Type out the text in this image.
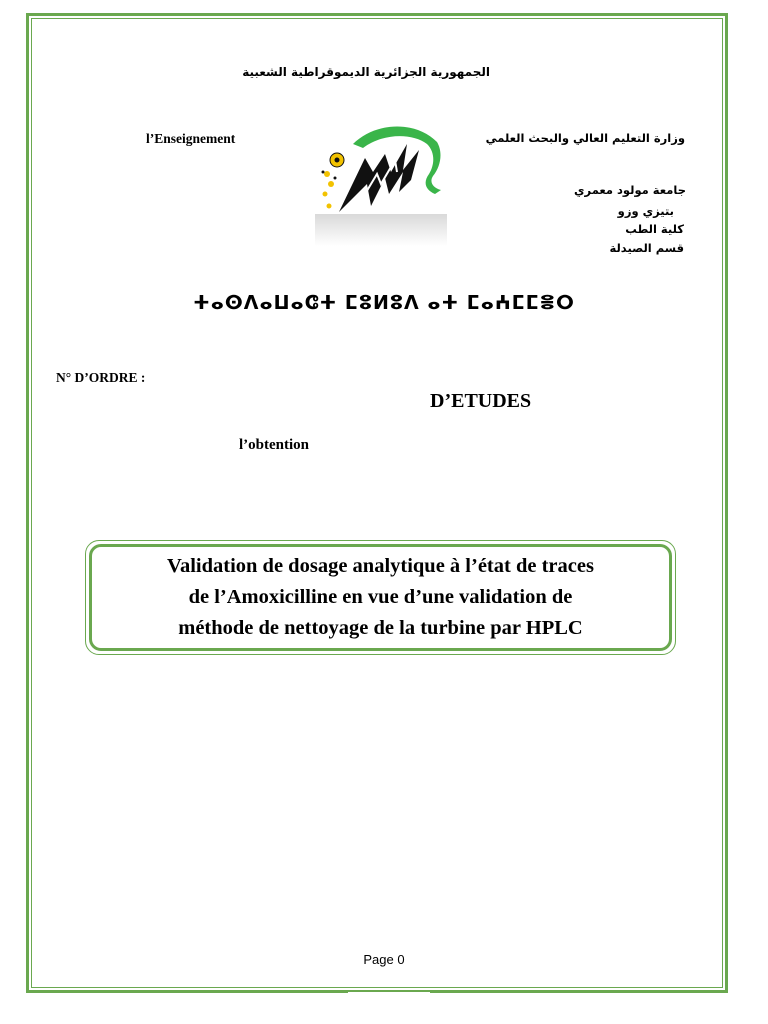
الجمهورية الجزائرية الديموقراطية الشعبية
وزارة التعليم العالي والبحث العلمي
l’Enseignement
جامعة مولود معمري
بتيزي وزو
كلية الطب
قسم الصيدلة
ⵜⴰⵙⴷⴰⵡⴰⵛⵜ ⵎⵓⵍⵓⴷ ⴰⵜ ⵎⴰⵄⵎⵎⴻⵔ
N° D’ORDRE :
D’ETUDES
l’obtention
Validation de dosage analytique à l’état de traces
de l’Amoxicilline en vue d’une validation de
méthode de nettoyage de la turbine par HPLC
Page 0
